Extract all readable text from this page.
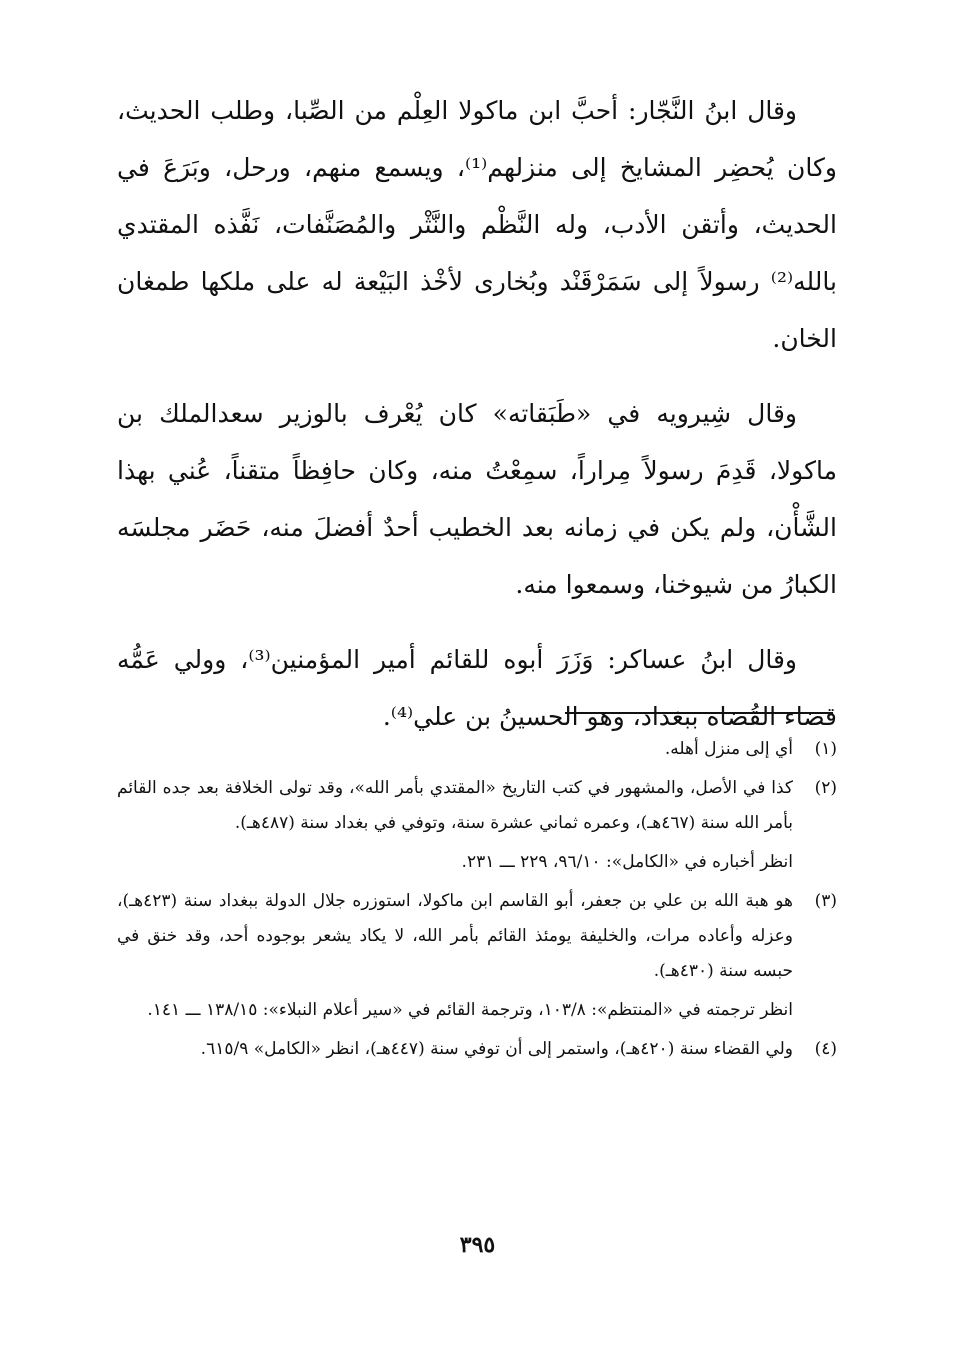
وقال ابنُ النَّجّار: أحبَّ ابن ماكولا العِلْم من الصِّبا، وطلب الحديث، وكان يُحضِر المشايخ إلى منزلهم⁽¹⁾، ويسمع منهم، ورحل، وبَرَعَ في الحديث، وأتقن الأدب، وله النَّظْم والنَّثْر والمُصَنَّفات، نَفَّذه المقتدي بالله⁽²⁾ رسولاً إلى سَمَرْقَنْد وبُخارى لأخْذ البَيْعة له على ملكها طمغان الخان.

وقال شِيرويه في «طَبَقاته» كان يُعْرف بالوزير سعدالملك بن ماكولا، قَدِمَ رسولاً مِراراً، سمِعْتُ منه، وكان حافِظاً متقناً، عُني بهذا الشَّأْن، ولم يكن في زمانه بعد الخطيب أحدٌ أفضلَ منه، حَضَر مجلسَه الكبارُ من شيوخنا، وسمعوا منه.

وقال ابنُ عساكر: وَزَرَ أبوه للقائم أمير المؤمنين⁽³⁾، وولي عَمُّه قضاء القُضاة ببغداد، وهو الحسينُ بن علي⁽⁴⁾.

(١)

أي إلى منزل أهله.

(٢)

كذا في الأصل، والمشهور في كتب التاريخ «المقتدي بأمر الله»، وقد تولى الخلافة بعد جده القائم بأمر الله سنة (٤٦٧هـ)، وعمره ثماني عشرة سنة، وتوفي في بغداد سنة (٤٨٧هـ).

انظر أخباره في «الكامل»: ٩٦/١٠، ٢٢٩ ـــ ٢٣١.

(٣)

هو هبة الله بن علي بن جعفر، أبو القاسم ابن ماكولا، استوزره جلال الدولة ببغداد سنة (٤٢٣هـ)، وعزله وأعاده مرات، والخليفة يومئذ القائم بأمر الله، لا يكاد يشعر بوجوده أحد، وقد خنق في حبسه سنة (٤٣٠هـ).

انظر ترجمته في «المنتظم»: ١٠٣/٨، وترجمة القائم في «سير أعلام النبلاء»: ١٣٨/١٥ ـــ ١٤١.

(٤)

ولي القضاء سنة (٤٢٠هـ)، واستمر إلى أن توفي سنة (٤٤٧هـ)، انظر «الكامل» ٦١٥/٩.

٣٩٥
